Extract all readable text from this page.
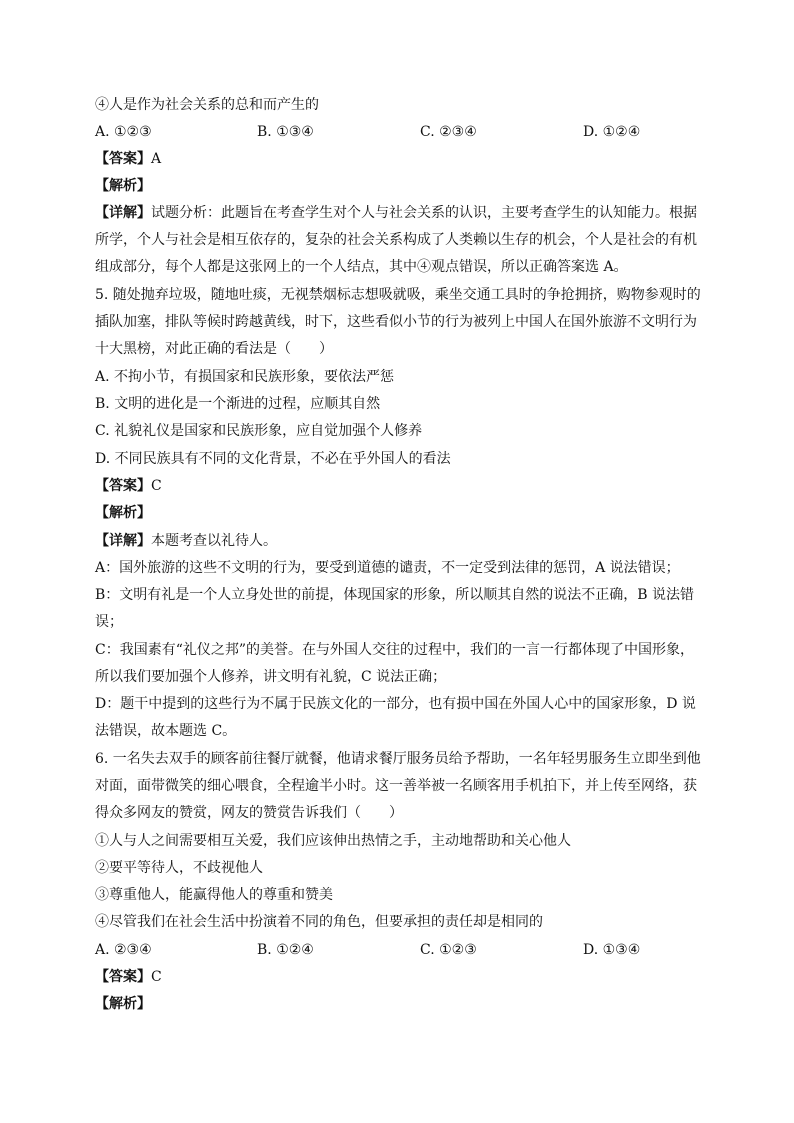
④人是作为社会关系的总和而产生的
A. ①②③	B. ①③④	C. ②③④	D. ①②④
【答案】A
【解析】
【详解】试题分析：此题旨在考查学生对个人与社会关系的认识，主要考查学生的认知能力。根据
所学，个人与社会是相互依存的，复杂的社会关系构成了人类赖以生存的机会，个人是社会的有机
组成部分，每个人都是这张网上的一个人结点，其中④观点错误，所以正确答案选 A。
5. 随处抛弃垃圾，随地吐痰，无视禁烟标志想吸就吸，乘坐交通工具时的争抢拥挤，购物参观时的
插队加塞，排队等候时跨越黄线，时下，这些看似小节的行为被列上中国人在国外旅游不文明行为
十大黑榜，对此正确的看法是（　　）
A. 不拘小节，有损国家和民族形象，要依法严惩
B. 文明的进化是一个渐进的过程，应顺其自然
C. 礼貌礼仪是国家和民族形象，应自觉加强个人修养
D. 不同民族具有不同的文化背景，不必在乎外国人的看法
【答案】C
【解析】
【详解】本题考查以礼待人。
A：国外旅游的这些不文明的行为，要受到道德的谴责，不一定受到法律的惩罚，A 说法错误；
B：文明有礼是一个人立身处世的前提，体现国家的形象，所以顺其自然的说法不正确，B 说法错
误；
C：我国素有“礼仪之邦”的美誉。在与外国人交往的过程中，我们的一言一行都体现了中国形象，
所以我们要加强个人修养，讲文明有礼貌，C 说法正确；
D：题干中提到的这些行为不属于民族文化的一部分，也有损中国在外国人心中的国家形象，D 说
法错误，故本题选 C。
6. 一名失去双手的顾客前往餐厅就餐，他请求餐厅服务员给予帮助，一名年轻男服务生立即坐到他
对面，面带微笑的细心喂食，全程逾半小时。这一善举被一名顾客用手机拍下，并上传至网络，获
得众多网友的赞赏，网友的赞赏告诉我们（　　）
①人与人之间需要相互关爱，我们应该伸出热情之手，主动地帮助和关心他人
②要平等待人，不歧视他人
③尊重他人，能赢得他人的尊重和赞美
④尽管我们在社会生活中扮演着不同的角色，但要承担的责任却是相同的
A. ②③④	B. ①②④	C. ①②③	D. ①③④
【答案】C
【解析】
